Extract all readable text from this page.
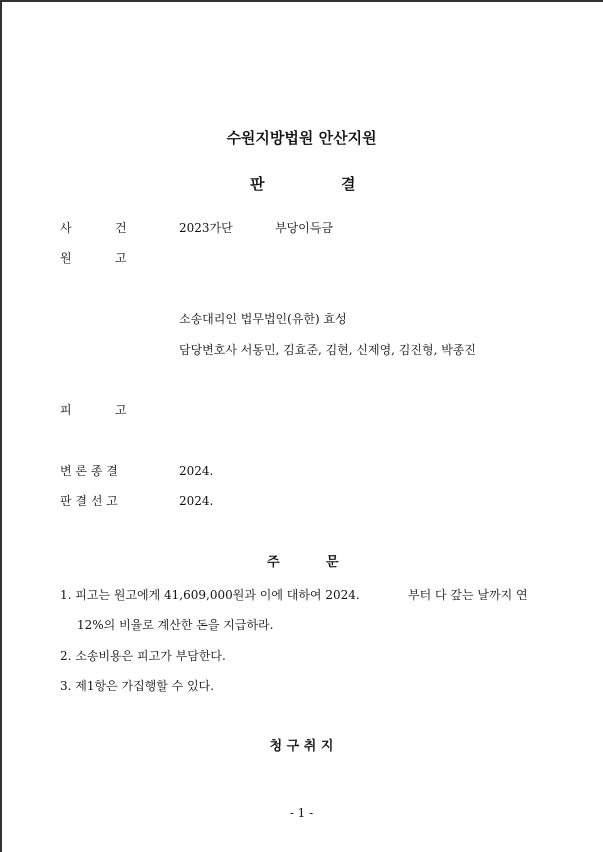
수원지방법원 안산지원
판	결
사	건	2023가단	부당이득금
원	고
소송대리인 법무법인(유한) 효성
담당변호사 서동민, 김효준, 김현, 신제영, 김진형, 박종진
피	고
변 론 종 결	2024.
판 결 선 고	2024.
주	문
1. 피고는 원고에게 41,609,000원과 이에 대하여 2024.	부터 다 갚는 날까지 연
12%의 비율로 계산한 돈을 지급하라.
2. 소송비용은 피고가 부담한다.
3. 제1항은 가집행할 수 있다.
청 구 취 지
- 1 -
